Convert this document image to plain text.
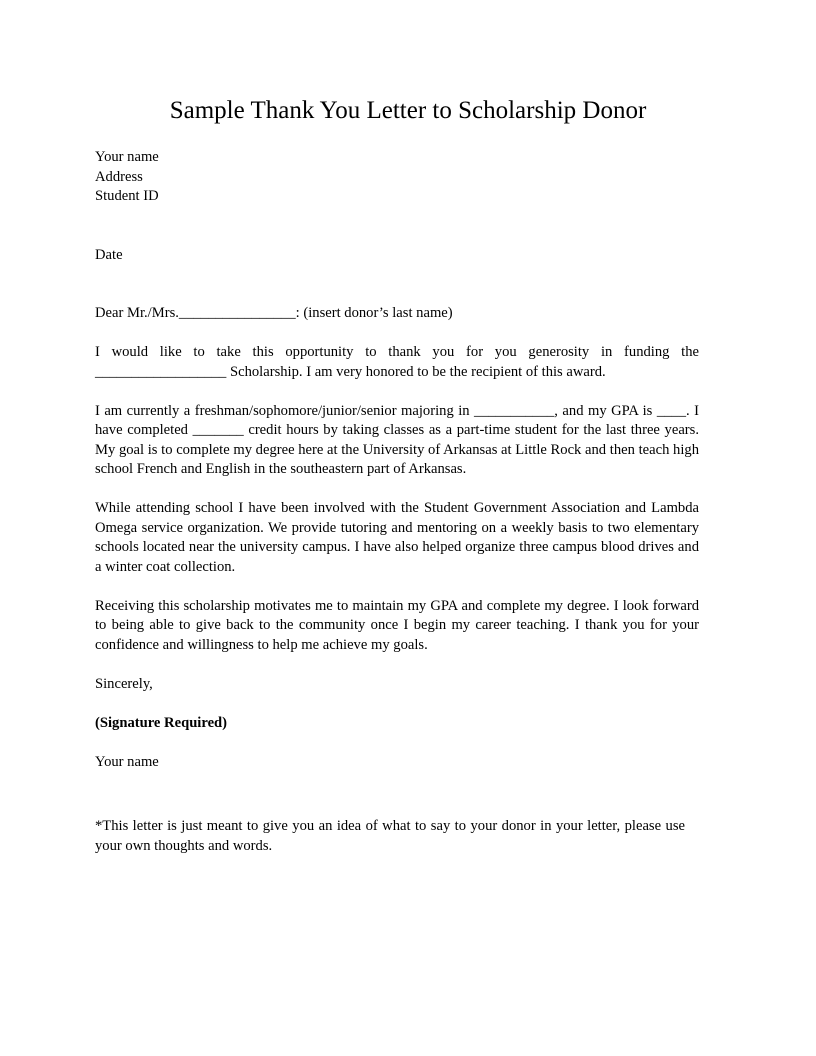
Sample Thank You Letter to Scholarship Donor
Your name
Address
Student ID
Date
Dear Mr./Mrs.________________: (insert donor’s last name)

I would like to take this opportunity to thank you for you generosity in funding the __________________ Scholarship. I am very honored to be the recipient of this award.

I am currently a freshman/sophomore/junior/senior majoring in ___________, and my GPA is ____. I have completed _______ credit hours by taking classes as a part-time student for the last three years. My goal is to complete my degree here at the University of Arkansas at Little Rock and then teach high school French and English in the southeastern part of Arkansas.

While attending school I have been involved with the Student Government Association and Lambda Omega service organization. We provide tutoring and mentoring on a weekly basis to two elementary schools located near the university campus. I have also helped organize three campus blood drives and a winter coat collection.

Receiving this scholarship motivates me to maintain my GPA and complete my degree. I look forward to being able to give back to the community once I begin my career teaching. I thank you for your confidence and willingness to help me achieve my goals.

Sincerely,
(Signature Required)
Your name

*This letter is just meant to give you an idea of what to say to your donor in your letter, please use your own thoughts and words.
